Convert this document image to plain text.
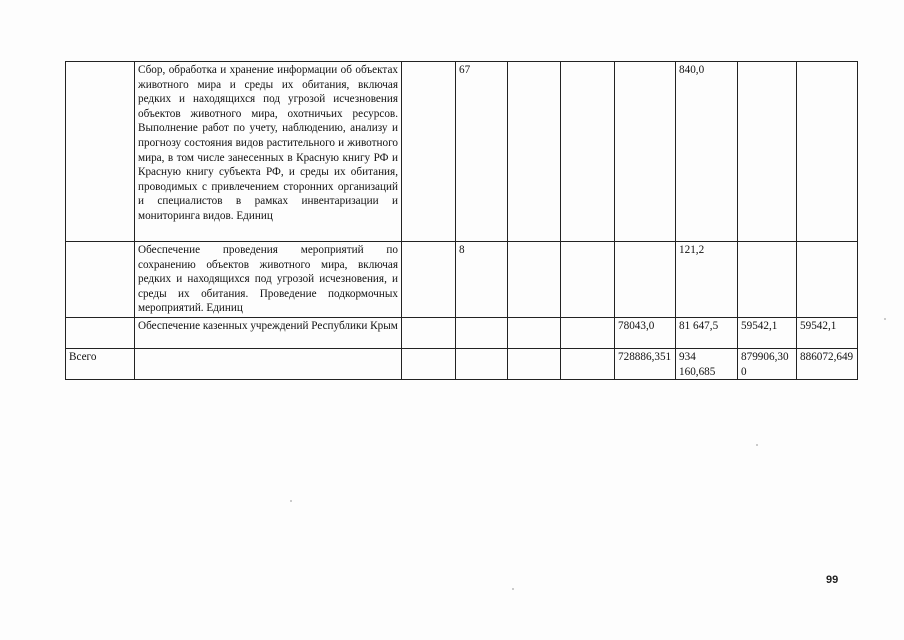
	Сбор, обработка и хранение информации об объектах животного мира и среды их обитания, включая редких и находящихся под угрозой исчезновения объектов животного мира, охотничьих ресурсов. Выполнение работ по учету, наблюдению, анализу и прогнозу состояния видов растительного и животного мира, в том числе занесенных в Красную книгу РФ и Красную книгу субъекта РФ, и среды их обитания, проводимых с привлечением сторонних организаций и специалистов в рамках инвентаризации и мониторинга видов. Единиц		67				840,0		
	Обеспечение проведения мероприятий по сохранению объектов животного мира, включая редких и находящихся под угрозой исчезновения, и среды их обитания. Проведение подкормочных мероприятий. Единиц		8				121,2		
	Обеспечение казенных учреждений Республики Крым					78043,0	81 647,5	59542,1	59542,1
Всего						728886,351	934 160,685	879906,300	886072,649
99
